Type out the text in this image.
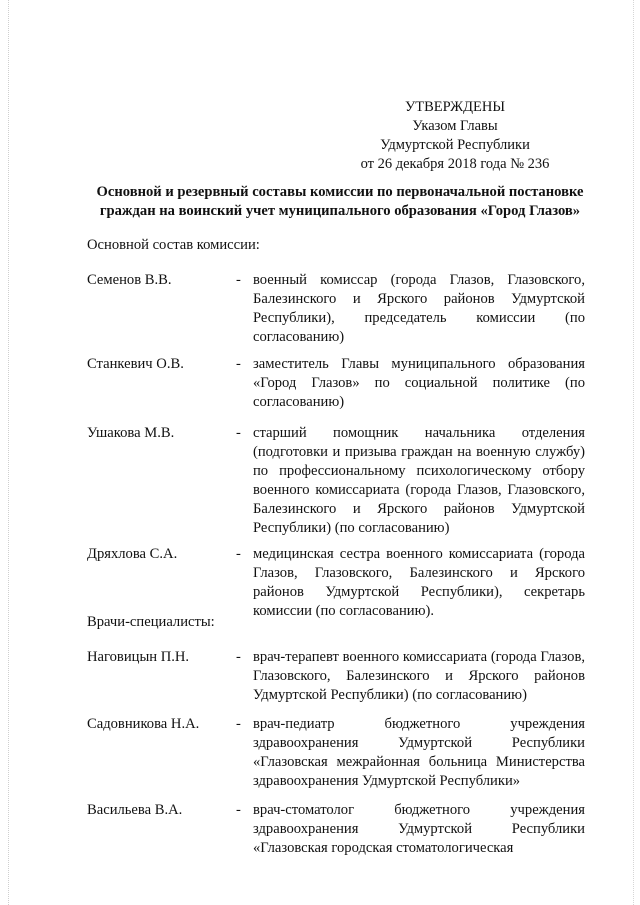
УТВЕРЖДЕНЫ
Указом Главы
Удмуртской Республики
от 26 декабря 2018 года № 236
Основной и резервный составы комиссии по первоначальной постановке
граждан на воинский учет муниципального образования «Город Глазов»
Основной состав комиссии:
Семенов В.В.	- военный комиссар (города Глазов, Глазовского, Балезинского и Ярского районов Удмуртской Республики), председатель комиссии (по согласованию)
Станкевич О.В.	- заместитель Главы муниципального образования «Город Глазов» по социальной политике (по согласованию)
Ушакова М.В.	- старший помощник начальника отделения (подготовки и призыва граждан на военную службу) по профессиональному психологическому отбору военного комиссариата (города Глазов, Глазовского, Балезинского и Ярского районов Удмуртской Республики) (по согласованию)
Дряхлова С.А.	- медицинская сестра военного комиссариата (города Глазов, Глазовского, Балезинского и Ярского районов Удмуртской Республики), секретарь комиссии (по согласованию).
Врачи-специалисты:
Наговицын П.Н.	- врач-терапевт военного комиссариата (города Глазов, Глазовского, Балезинского и Ярского районов Удмуртской Республики) (по согласованию)
Садовникова Н.А.	- врач-педиатр бюджетного учреждения здравоохранения Удмуртской Республики «Глазовская межрайонная больница Министерства здравоохранения Удмуртской Республики»
Васильева В.А.	- врач-стоматолог бюджетного учреждения здравоохранения Удмуртской Республики «Глазовская городская стоматологическая
